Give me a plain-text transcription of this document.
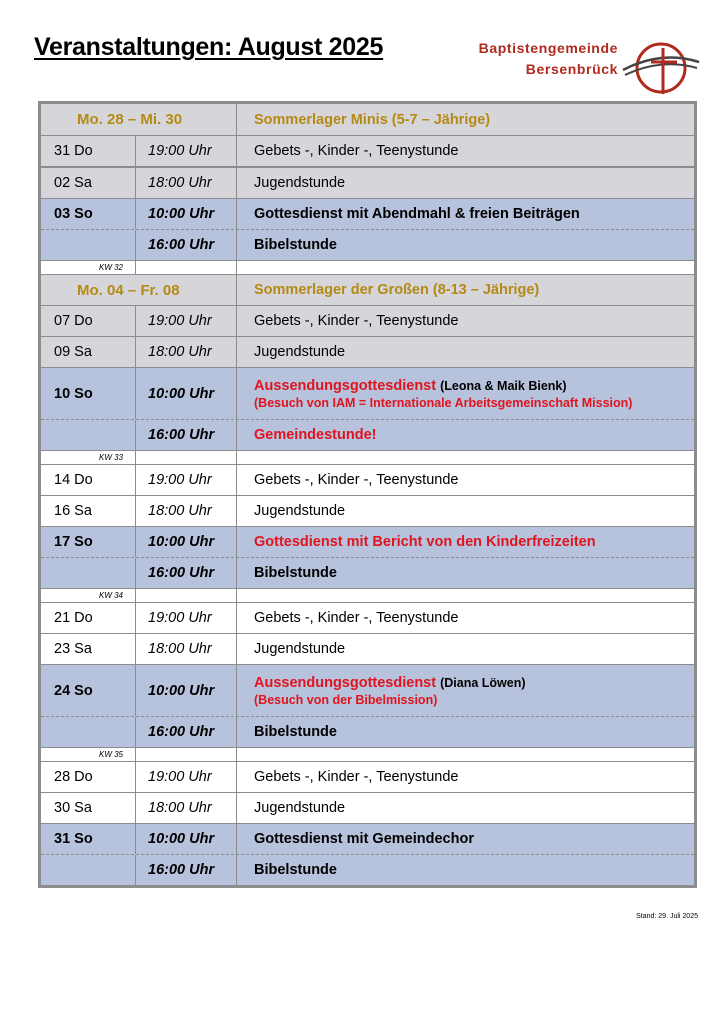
Veranstaltungen: August 2025	Baptistengemeinde
Bersenbrück
Mo. 28 – Mi. 30	Sommerlager Minis (5-7 – Jährige)
31 Do	19:00 Uhr	Gebets -, Kinder -, Teenystunde
02 Sa	18:00 Uhr	Jugendstunde
03 So	10:00 Uhr	Gottesdienst mit Abendmahl & freien Beiträgen
16:00 Uhr	Bibelstunde
KW 32
Mo. 04 – Fr. 08	Sommerlager der Großen (8-13 – Jährige)
07 Do	19:00 Uhr	Gebets -, Kinder -, Teenystunde
09 Sa	18:00 Uhr	Jugendstunde
10 So	10:00 Uhr	Aussendungsgottesdienst (Leona & Maik Bienk)
(Besuch von IAM = Internationale Arbeitsgemeinschaft Mission)
16:00 Uhr	Gemeindestunde!
KW 33
14 Do	19:00 Uhr	Gebets -, Kinder -, Teenystunde
16 Sa	18:00 Uhr	Jugendstunde
17 So	10:00 Uhr	Gottesdienst mit Bericht von den Kinderfreizeiten
16:00 Uhr	Bibelstunde
KW 34
21 Do	19:00 Uhr	Gebets -, Kinder -, Teenystunde
23 Sa	18:00 Uhr	Jugendstunde
24 So	10:00 Uhr	Aussendungsgottesdienst (Diana Löwen)
(Besuch von der Bibelmission)
16:00 Uhr	Bibelstunde
KW 35
28 Do	19:00 Uhr	Gebets -, Kinder -, Teenystunde
30 Sa	18:00 Uhr	Jugendstunde
31 So	10:00 Uhr	Gottesdienst mit Gemeindechor
16:00 Uhr	Bibelstunde
Stand: 29. Juli 2025
